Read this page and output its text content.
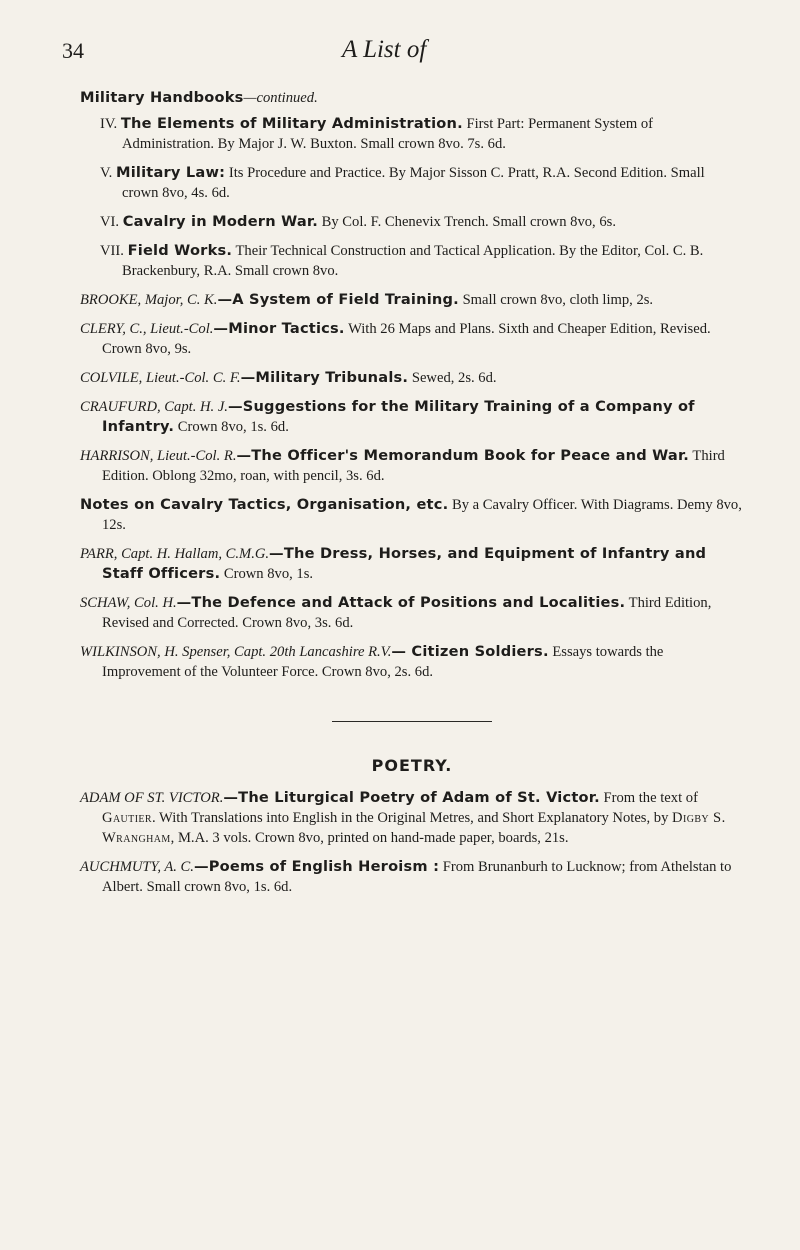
34	A List of

Military Handbooks—continued.

IV. The Elements of Military Administration. First Part: Permanent System of Administration. By Major J. W. Buxton. Small crown 8vo. 7s. 6d.

V. Military Law: Its Procedure and Practice. By Major Sisson C. Pratt, R.A. Second Edition. Small crown 8vo, 4s. 6d.

VI. Cavalry in Modern War. By Col. F. Chenevix Trench. Small crown 8vo, 6s.

VII. Field Works. Their Technical Construction and Tactical Application. By the Editor, Col. C. B. Brackenbury, R.A. Small crown 8vo.

BROOKE, Major, C. K.—A System of Field Training. Small crown 8vo, cloth limp, 2s.

CLERY, C., Lieut.-Col.—Minor Tactics. With 26 Maps and Plans. Sixth and Cheaper Edition, Revised. Crown 8vo, 9s.

COLVILE, Lieut.-Col. C. F.—Military Tribunals. Sewed, 2s. 6d.

CRAUFURD, Capt. H. J.—Suggestions for the Military Training of a Company of Infantry. Crown 8vo, 1s. 6d.

HARRISON, Lieut.-Col. R.—The Officer's Memorandum Book for Peace and War. Third Edition. Oblong 32mo, roan, with pencil, 3s. 6d.

Notes on Cavalry Tactics, Organisation, etc. By a Cavalry Officer. With Diagrams. Demy 8vo, 12s.

PARR, Capt. H. Hallam, C.M.G.—The Dress, Horses, and Equipment of Infantry and Staff Officers. Crown 8vo, 1s.

SCHAW, Col. H.—The Defence and Attack of Positions and Localities. Third Edition, Revised and Corrected. Crown 8vo, 3s. 6d.

WILKINSON, H. Spenser, Capt. 20th Lancashire R.V.— Citizen Soldiers. Essays towards the Improvement of the Volunteer Force. Crown 8vo, 2s. 6d.

POETRY.

ADAM OF ST. VICTOR.—The Liturgical Poetry of Adam of St. Victor. From the text of Gautier. With Translations into English in the Original Metres, and Short Explanatory Notes, by Digby S. Wrangham, M.A. 3 vols. Crown 8vo, printed on hand-made paper, boards, 21s.

AUCHMUTY, A. C.—Poems of English Heroism : From Brunanburh to Lucknow; from Athelstan to Albert. Small crown 8vo, 1s. 6d.
